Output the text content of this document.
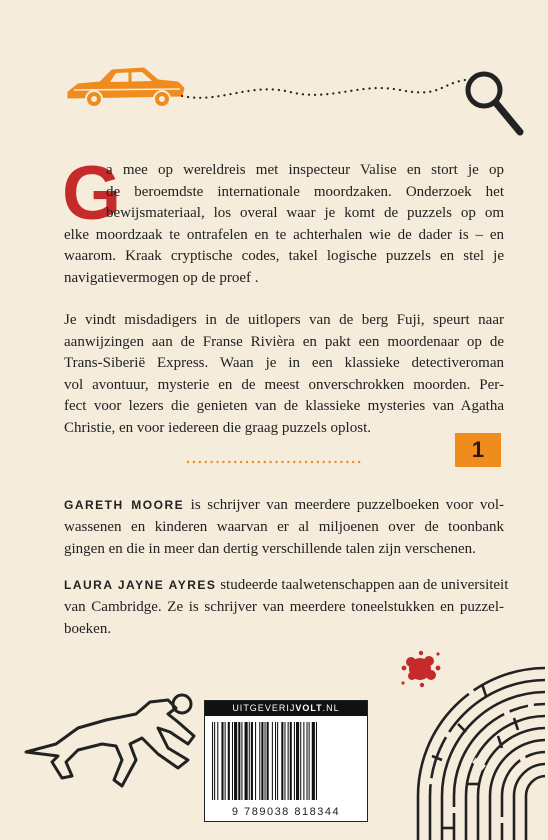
G

a mee op wereldreis met inspecteur Valise en stort je op
de beroemdste internationale moordzaken. Onderzoek het
bewijsmateriaal, los overal waar je komt de puzzels op om
elke moordzaak te ontrafelen en te achterhalen wie de dader is – en
waarom. Kraak cryptische codes, takel logische puzzels en stel je
navigatievermogen op de proef .

Je vindt misdadigers in de uitlopers van de berg Fuji, speurt naar
aanwijzingen aan de Franse Rivièra en pakt een moordenaar op de
Trans-Siberië Express. Waan je in een klassieke detectiveroman
vol avontuur, mysterie en de meest onverschrokken moorden. Per-
fect voor lezers die genieten van de klassieke mysteries van Agatha
Christie, en voor iedereen die graag puzzels oplost.

1

GARETH MOORE is schrijver van meerdere puzzelboeken voor vol-
wassenen en kinderen waarvan er al miljoenen over de toonbank
gingen en die in meer dan dertig verschillende talen zijn verschenen.

LAURA JAYNE AYRES studeerde taalwetenschappen aan de universiteit
van Cambridge. Ze is schrijver van meerdere toneelstukken en puzzel-
boeken.

UITGEVERIJVOLT.NL
9 789038 818344
